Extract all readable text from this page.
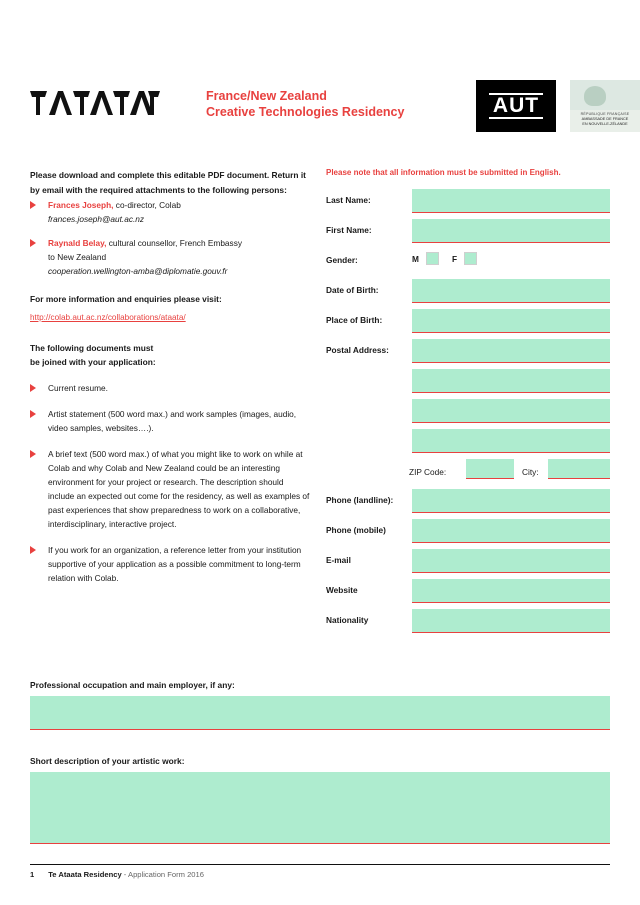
France/New Zealand
Creative Technologies Residency	AUT	RÉPUBLIQUE FRANÇAISE
AMBASSADE DE FRANCE
EN NOUVELLE-ZÉLANDE

Please download and complete this editable PDF document. Return it by email with the required attachments to the following persons:

Frances Joseph, co-director, Colab
frances.joseph@aut.ac.nz
Raynald Belay, cultural counsellor, French Embassy
to New Zealand
cooperation.wellington-amba@diplomatie.gouv.fr
For more information and enquiries please visit:
http://colab.aut.ac.nz/collaborations/ataata/
The following documents must
be joined with your application:
Current resume.
Artist statement (500 word max.) and work samples (images, audio, video samples, websites….).
A brief text (500 word max.) of what you might like to work on while at Colab and why Colab and New Zealand could be an interesting environment for your project or research. The description should include an expected out come for the residency, as well as examples of past experiences that show preparedness to work on a collaborative, interdisciplinary, interactive project.
If you work for an organization, a reference letter from your institution supportive of your application as a possible commitment to long-term relation with Colab.
Please note that all information must be submitted in English.
Last Name:
First Name:
Gender:	M	F
Date of Birth:
Place of Birth:
Postal Address:
ZIP Code:	City:
Phone (landline):
Phone (mobile)
E-mail
Website
Nationality
Professional occupation and main employer, if any:
Short description of your artistic work:
1 Te Ataata Residency - Application Form 2016
